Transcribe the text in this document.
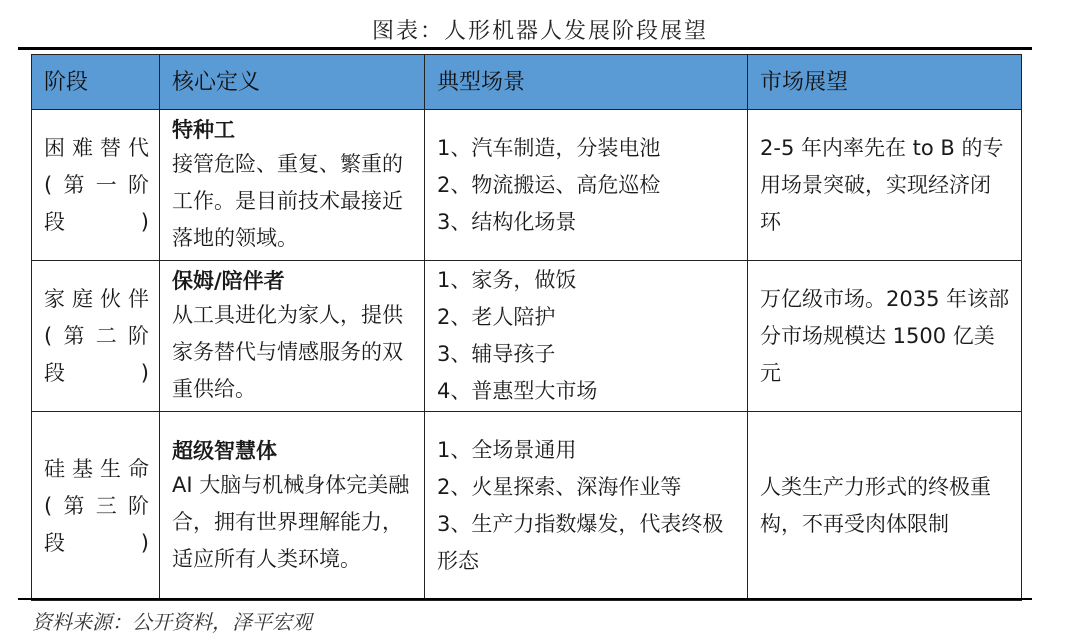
图表：人形机器人发展阶段展望
阶段	核心定义	典型场景	市场展望

困难替代
(第一阶
段)	特种工
接管危险、重复、繁重的工作。是目前技术最接近落地的领域。	1、汽车制造，分装电池
2、物流搬运、高危巡检
3、结构化场景	2-5 年内率先在 to B 的专用场景突破，实现经济闭环

家庭伙伴
(第二阶
段)	保姆/陪伴者
从工具进化为家人，提供家务替代与情感服务的双重供给。	1、家务，做饭
2、老人陪护
3、辅导孩子
4、普惠型大市场	万亿级市场。2035 年该部分市场规模达 1500 亿美元

硅基生命
(第三阶
段)	超级智慧体
AI 大脑与机械身体完美融合，拥有世界理解能力，适应所有人类环境。	1、全场景通用
2、火星探索、深海作业等
3、生产力指数爆发，代表终极形态	人类生产力形式的终极重构，不再受肉体限制
资料来源：公开资料，泽平宏观
